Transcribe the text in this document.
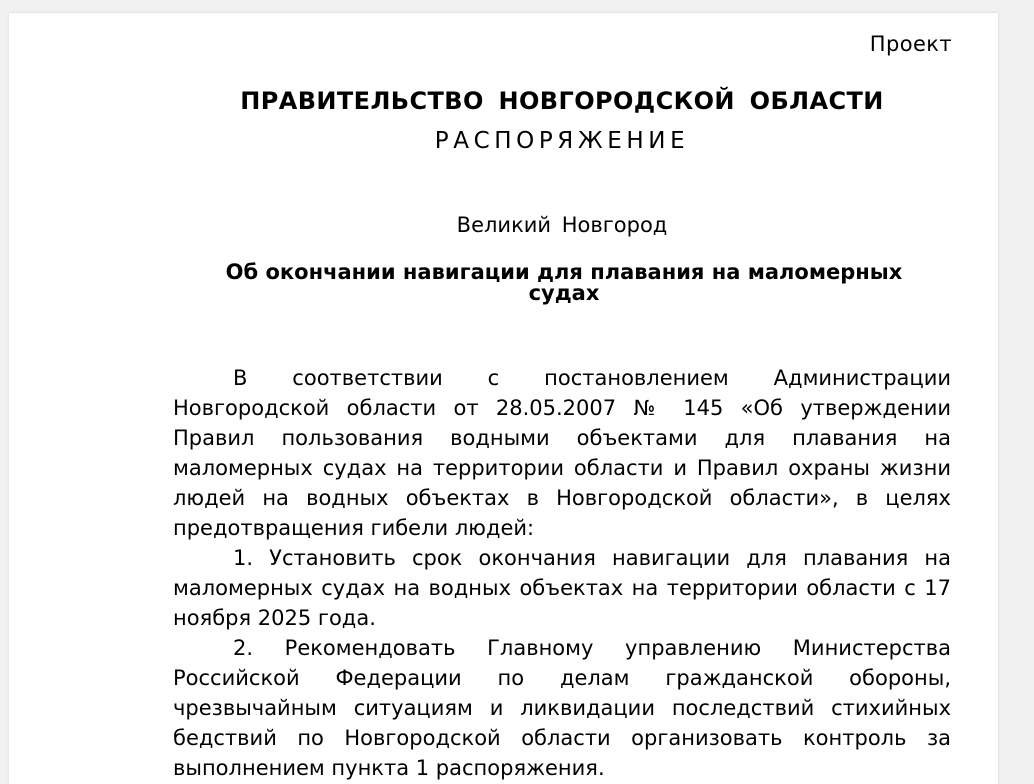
Проект
ПРАВИТЕЛЬСТВО НОВГОРОДСКОЙ ОБЛАСТИ
РАСПОРЯЖЕНИЕ
Великий Новгород
Об окончании навигации для плавания на маломерных судах

В соответствии с постановлением Администрации Новгородской области от 28.05.2007 № 145 «Об утверждении Правил пользования водными объектами для плавания на маломерных судах на территории области и Правил охраны жизни людей на водных объектах в Новгородской области», в целях предотвращения гибели людей:

1. Установить срок окончания навигации для плавания на маломерных судах на водных объектах на территории области с 17 ноября 2025 года.

2. Рекомендовать Главному управлению Министерства Российской Федерации по делам гражданской обороны, чрезвычайным ситуациям и ликвидации последствий стихийных бедствий по Новгородской области организовать контроль за выполнением пункта 1 распоряжения.
